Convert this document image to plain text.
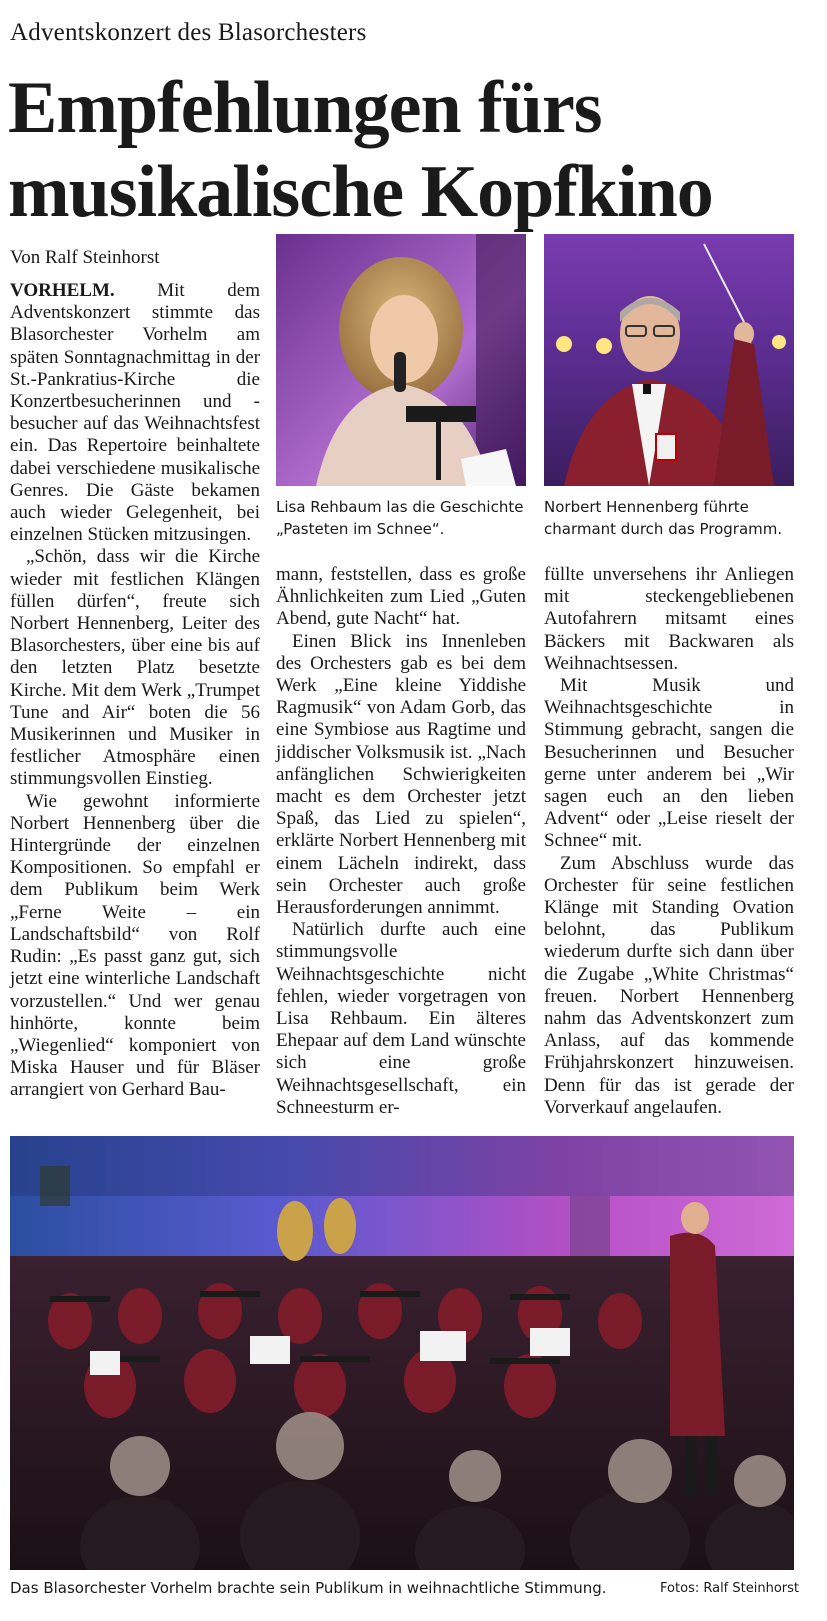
Adventskonzert des Blasorchesters
Empfehlungen fürs musikalische Kopfkino
Von Ralf Steinhorst

VORHELM. Mit dem Adventskonzert stimmte das Blasorchester Vorhelm am späten Sonntagnachmittag in der St.-Pankratius-Kirche die Konzertbesucherinnen und -besucher auf das Weihnachtsfest ein. Das Repertoire beinhaltete dabei verschiedene musikalische Genres. Die Gäste bekamen auch wieder Gelegenheit, bei einzelnen Stücken mitzusingen.

„Schön, dass wir die Kirche wieder mit festlichen Klängen füllen dürfen“, freute sich Norbert Hennenberg, Leiter des Blasorchesters, über eine bis auf den letzten Platz besetzte Kirche. Mit dem Werk „Trumpet Tune and Air“ boten die 56 Musikerinnen und Musiker in festlicher Atmosphäre einen stimmungsvollen Einstieg.

Wie gewohnt informierte Norbert Hennenberg über die Hintergründe der einzelnen Kompositionen. So empfahl er dem Publikum beim Werk „Ferne Weite – ein Landschaftsbild“ von Rolf Rudin: „Es passt ganz gut, sich jetzt eine winterliche Landschaft vorzustellen.“ Und wer genau hinhörte, konnte beim „Wiegenlied“ komponiert von Miska Hauser und für Bläser arrangiert von Gerhard Bau-

Lisa Rehbaum las die Geschichte „Pasteten im Schnee“.
Norbert Hennenberg führte charmant durch das Programm.

mann, feststellen, dass es große Ähnlichkeiten zum Lied „Guten Abend, gute Nacht“ hat.

Einen Blick ins Innenleben des Orchesters gab es bei dem Werk „Eine kleine Yiddishe Ragmusik“ von Adam Gorb, das eine Symbiose aus Ragtime und jiddischer Volksmusik ist. „Nach anfänglichen Schwierigkeiten macht es dem Orchester jetzt Spaß, das Lied zu spielen“, erklärte Norbert Hennenberg mit einem Lächeln indirekt, dass sein Orchester auch große Herausforderungen annimmt.

Natürlich durfte auch eine stimmungsvolle Weihnachtsgeschichte nicht fehlen, wieder vorgetragen von Lisa Rehbaum. Ein älteres Ehepaar auf dem Land wünschte sich eine große Weihnachtsgesellschaft, ein Schneesturm er-

füllte unversehens ihr Anliegen mit steckengebliebenen Autofahrern mitsamt eines Bäckers mit Backwaren als Weihnachtsessen.

Mit Musik und Weihnachtsgeschichte in Stimmung gebracht, sangen die Besucherinnen und Besucher gerne unter anderem bei „Wir sagen euch an den lieben Advent“ oder „Leise rieselt der Schnee“ mit.

Zum Abschluss wurde das Orchester für seine festlichen Klänge mit Standing Ovation belohnt, das Publikum wiederum durfte sich dann über die Zugabe „White Christmas“ freuen. Norbert Hennenberg nahm das Adventskonzert zum Anlass, auf das kommende Frühjahrskonzert hinzuweisen. Denn für das ist gerade der Vorverkauf angelaufen.

Das Blasorchester Vorhelm brachte sein Publikum in weihnachtliche Stimmung.	Fotos: Ralf Steinhorst
